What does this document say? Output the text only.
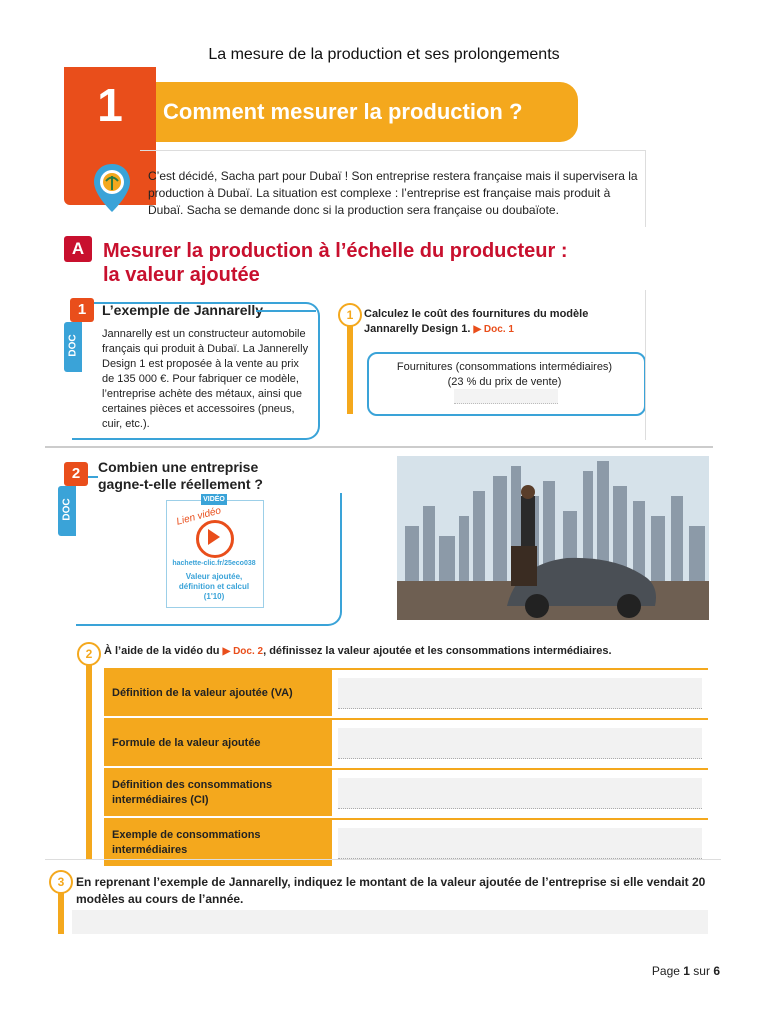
La mesure de la production et ses prolongements
1	Comment mesurer la production ?
C’est décidé, Sacha part pour Dubaï ! Son entreprise restera française mais il supervisera la production à Dubaï. La situation est complexe : l’entreprise est française mais produit à Dubaï. Sacha se demande donc si la production sera française ou doubaïote.
A Mesurer la production à l’échelle du producteur :
la valeur ajoutée
1
DOC
L’exemple de Jannarelly
Jannarelly est un constructeur automobile français qui produit à Dubaï. La Jannerelly Design 1 est proposée à la vente au prix de 135 000 €. Pour fabriquer ce modèle, l’entreprise achète des métaux, ainsi que certaines pièces et accessoires (pneus, cuir, etc.).
1 Calculez le coût des fournitures du modèle Jannarelly Design 1. ▶ Doc. 1
Fournitures (consommations intermédiaires)
(23 % du prix de vente)
2
DOC
Combien une entreprise
gagne-t-elle réellement ?
VIDÉO
Lien vidéo
hachette-clic.fr/25eco038
Valeur ajoutée,
définition et calcul
(1'10)
2	À l’aide de la vidéo du ▶ Doc. 2, définissez la valeur ajoutée et les consommations intermédiaires.
Définition de la valeur ajoutée (VA)
Formule de la valeur ajoutée
Définition des consommations intermédiaires (CI)
Exemple de consommations intermédiaires
3 En reprenant l’exemple de Jannarelly, indiquez le montant de la valeur ajoutée de l’entreprise si elle vendait 20 modèles au cours de l’année.
Page 1 sur 6
